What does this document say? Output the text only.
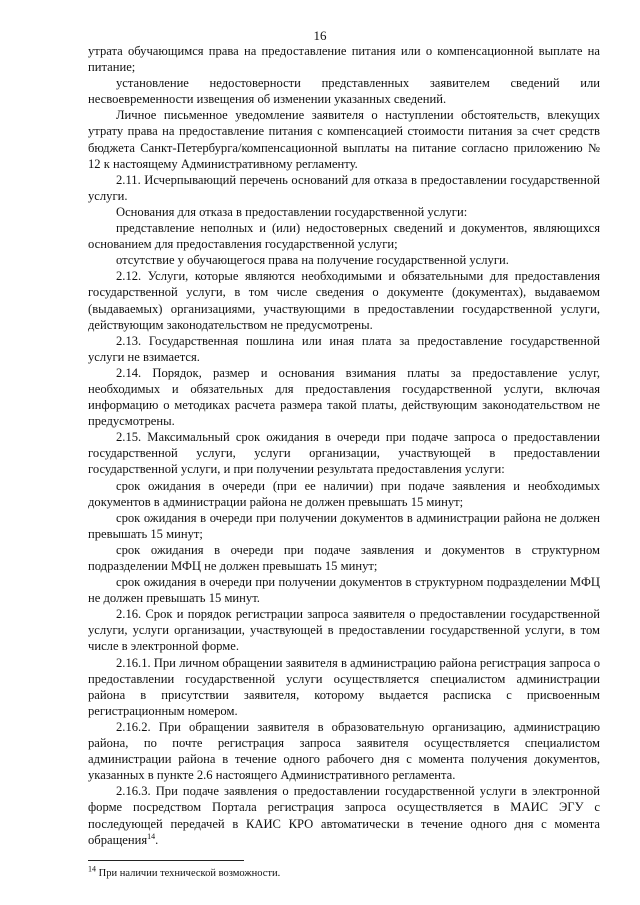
16

утрата обучающимся права на предоставление питания или о компенсационной выплате на питание;

установление недостоверности представленных заявителем сведений или несвоевременности извещения об изменении указанных сведений.

Личное письменное уведомление заявителя о наступлении обстоятельств, влекущих утрату права на предоставление питания с компенсацией стоимости питания за счет средств бюджета Санкт-Петербурга/компенсационной выплаты на питание согласно приложению № 12 к настоящему Административному регламенту.

2.11. Исчерпывающий перечень оснований для отказа в предоставлении государственной услуги.

Основания для отказа в предоставлении государственной услуги:

представление неполных и (или) недостоверных сведений и документов, являющихся основанием для предоставления государственной услуги;

отсутствие у обучающегося права на получение государственной услуги.

2.12. Услуги, которые являются необходимыми и обязательными для предоставления государственной услуги, в том числе сведения о документе (документах), выдаваемом (выдаваемых) организациями, участвующими в предоставлении государственной услуги, действующим законодательством не предусмотрены.

2.13. Государственная пошлина или иная плата за предоставление государственной услуги не взимается.

2.14. Порядок, размер и основания взимания платы за предоставление услуг, необходимых и обязательных для предоставления государственной услуги, включая информацию о методиках расчета размера такой платы, действующим законодательством не предусмотрены.

2.15. Максимальный срок ожидания в очереди при подаче запроса о предоставлении государственной услуги, услуги организации, участвующей в предоставлении государственной услуги, и при получении результата предоставления услуги:

срок ожидания в очереди (при ее наличии) при подаче заявления и необходимых документов в администрации района не должен превышать 15 минут;

срок ожидания в очереди при получении документов в администрации района не должен превышать 15 минут;

срок ожидания в очереди при подаче заявления и документов в структурном подразделении МФЦ не должен превышать 15 минут;

срок ожидания в очереди при получении документов в структурном подразделении МФЦ не должен превышать 15 минут.

2.16. Срок и порядок регистрации запроса заявителя о предоставлении государственной услуги, услуги организации, участвующей в предоставлении государственной услуги, в том числе в электронной форме.

2.16.1. При личном обращении заявителя в администрацию района регистрация запроса о предоставлении государственной услуги осуществляется специалистом администрации района в присутствии заявителя, которому выдается расписка с присвоенным регистрационным номером.

2.16.2. При обращении заявителя в образовательную организацию, администрацию района, по почте регистрация запроса заявителя осуществляется специалистом администрации района в течение одного рабочего дня с момента получения документов, указанных в пункте 2.6 настоящего Административного регламента.

2.16.3. При подаче заявления о предоставлении государственной услуги в электронной форме посредством Портала регистрация запроса осуществляется в МАИС ЭГУ с последующей передачей в КАИС КРО автоматически в течение одного дня с момента обращения$^{14}$.

$^{14}$ При наличии технической возможности.
